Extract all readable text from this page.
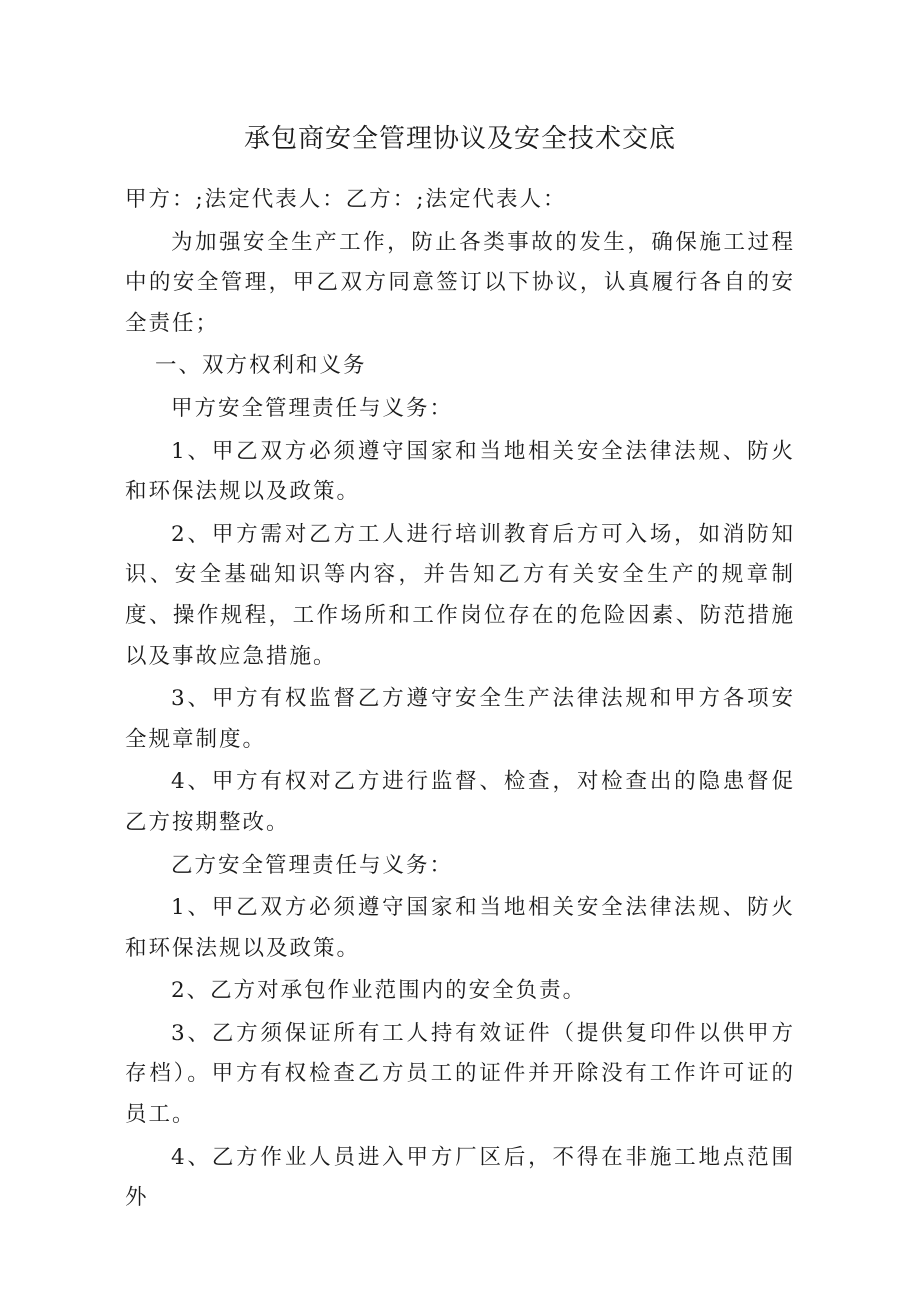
承包商安全管理协议及安全技术交底

甲方：;法定代表人：乙方：;法定代表人：

为加强安全生产工作，防止各类事故的发生，确保施工过程中的安全管理，甲乙双方同意签订以下协议，认真履行各自的安全责任；

一、双方权利和义务

甲方安全管理责任与义务：

1、甲乙双方必须遵守国家和当地相关安全法律法规、防火和环保法规以及政策。

2、甲方需对乙方工人进行培训教育后方可入场，如消防知识、安全基础知识等内容，并告知乙方有关安全生产的规章制度、操作规程，工作场所和工作岗位存在的危险因素、防范措施以及事故应急措施。

3、甲方有权监督乙方遵守安全生产法律法规和甲方各项安全规章制度。

4、甲方有权对乙方进行监督、检查，对检查出的隐患督促乙方按期整改。

乙方安全管理责任与义务：

1、甲乙双方必须遵守国家和当地相关安全法律法规、防火和环保法规以及政策。

2、乙方对承包作业范围内的安全负责。

3、乙方须保证所有工人持有效证件（提供复印件以供甲方存档）。甲方有权检查乙方员工的证件并开除没有工作许可证的员工。

4、乙方作业人员进入甲方厂区后，不得在非施工地点范围外
